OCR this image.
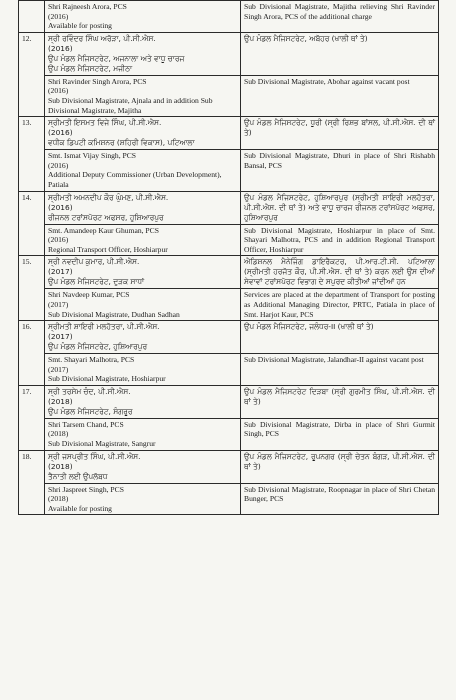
	Shri Rajneesh Arora, PCS
(2016)
Available for posting	Sub Divisional Magistrate, Majitha relieving Shri Ravinder Singh Arora, PCS of the additional charge

12.	ਸ੍ਰੀ ਰਵਿੰਦਰ ਸਿੰਘ ਅਰੋੜਾ, ਪੀ.ਸੀ.ਐਸ.
(2016)
ਉਪ ਮੰਡਲ ਮੈਜਿਸਟਰੇਟ, ਅਜਨਾਲਾ ਅਤੇ ਵਾਧੂ ਚਾਰਜ
ਉਪ ਮੰਡਲ ਮੈਜਿਸਟਰੇਟ, ਮਜੀਠਾ	ਉਪ ਮੰਡਲ ਮੈਜਿਸਟਰੇਟ, ਅਬੋਹਰ (ਖਾਲੀ ਥਾਂ ਤੇ)

	Shri Ravinder Singh Arora, PCS
(2016)
Sub Divisional Magistrate, Ajnala and in addition Sub Divisional Magistrate, Majitha	Sub Divisional Magistrate, Abohar against vacant post

13.	ਸ੍ਰੀਮਤੀ ਇਸਮਤ ਵਿਜੇ ਸਿੰਘ, ਪੀ.ਸੀ.ਐਸ.
(2016)
ਵਧੀਕ ਡਿਪਟੀ ਕਮਿਸ਼ਨਰ (ਸ਼ਹਿਰੀ ਵਿਕਾਸ), ਪਟਿਆਲਾ	ਉਪ ਮੰਡਲ ਮੈਜਿਸਟਰੇਟ, ਧੂਰੀ (ਸ੍ਰੀ ਰਿਸ਼ਭ ਬਾਂਸਲ, ਪੀ.ਸੀ.ਐਸ. ਦੀ ਥਾਂ ਤੇ)

	Smt. Ismat Vijay Singh, PCS
(2016)
Additional Deputy Commissioner (Urban Development), Patiala	Sub Divisional Magistrate, Dhuri in place of Shri Rishabh Bansal, PCS

14.	ਸ੍ਰੀਮਤੀ ਅਮਨਦੀਪ ਕੌਰ ਘੁੰਮਣ, ਪੀ.ਸੀ.ਐਸ.
(2016)
ਰੀਜਨਲ ਟਰਾਂਸਪੋਰਟ ਅਫਸਰ, ਹੁਸ਼ਿਆਰਪੁਰ	ਉਪ ਮੰਡਲ ਮੈਜਿਸਟਰੇਟ, ਹੁਸ਼ਿਆਰਪੁਰ (ਸ੍ਰੀਮਤੀ ਸ਼ਾਇਰੀ ਮਲਹੋਤਰਾ, ਪੀ.ਸੀ.ਐਸ. ਦੀ ਥਾਂ ਤੇ) ਅਤੇ ਵਾਧੂ ਚਾਰਜ ਰੀਜਨਲ ਟਰਾਂਸਪੋਰਟ ਅਫਸਰ, ਹੁਸ਼ਿਆਰਪੁਰ

	Smt. Amandeep Kaur Ghuman, PCS
(2016)
Regional Transport Officer, Hoshiarpur	Sub Divisional Magistrate, Hoshiarpur in place of Smt. Shayari Malhotra, PCS and in addition Regional Transport Officer, Hoshiarpur

15.	ਸ੍ਰੀ ਨਵਦੀਪ ਕੁਮਾਰ, ਪੀ.ਸੀ.ਐਸ.
(2017)
ਉਪ ਮੰਡਲ ਮੈਜਿਸਟਰੇਟ, ਦੁੜਕ ਸਾਧਾਂ	ਐਡਿਸ਼ਨਲ ਮੈਨੇਜਿੰਗ ਡਾਇਰੈਕਟਰ, ਪੀ.ਆਰ.ਟੀ.ਸੀ. ਪਟਿਆਲਾ (ਸ੍ਰੀਮਤੀ ਹਰਜੋਤ ਕੌਰ, ਪੀ.ਸੀ.ਐਸ. ਦੀ ਥਾਂ ਤੇ) ਕਰਨ ਲਈ ਉਸ ਦੀਆਂ ਸੇਵਾਵਾਂ ਟਰਾਂਸਪੋਰਟ ਵਿਭਾਗ ਦੇ ਸਪੁਰਦ ਕੀਤੀਆਂ ਜਾਂਦੀਆਂ ਹਨ

	Shri Navdeep Kumar, PCS
(2017)
Sub Divisional Magistrate, Dudhan Sadhan	Services are placed at the department of Transport for posting as Additional Managing Director, PRTC, Patiala in place of Smt. Harjot Kaur, PCS

16.	ਸ੍ਰੀਮਤੀ ਸ਼ਾਇਰੀ ਮਲਹੋਤਰਾ, ਪੀ.ਸੀ.ਐਸ.
(2017)
ਉਪ ਮੰਡਲ ਮੈਜਿਸਟਰੇਟ, ਹੁਸ਼ਿਆਰਪੁਰ	ਉਪ ਮੰਡਲ ਮੈਜਿਸਟਰੇਟ, ਜਲੰਧਰ-II (ਖਾਲੀ ਥਾਂ ਤੇ)

	Smt. Shayari Malhotra, PCS
(2017)
Sub Divisional Magistrate, Hoshiarpur	Sub Divisional Magistrate, Jalandhar-II against vacant post

17.	ਸ੍ਰੀ ਤਰਸੇਮ ਚੰਦ, ਪੀ.ਸੀ.ਐਸ.
(2018)
ਉਪ ਮੰਡਲ ਮੈਜਿਸਟਰੇਟ, ਸੰਗਰੂਰ	ਉਪ ਮੰਡਲ ਮੈਜਿਸਟਰੇਟ ਦਿੜਬਾ (ਸ੍ਰੀ ਗੁਰਮੀਤ ਸਿੰਘ, ਪੀ.ਸੀ.ਐਸ. ਦੀ ਥਾਂ ਤੇ)

	Shri Tarsem Chand, PCS
(2018)
Sub Divisional Magistrate, Sangrur	Sub Divisional Magistrate, Dirba in place of Shri Gurmit Singh, PCS

18.	ਸ੍ਰੀ ਜਸਪ੍ਰੀਤ ਸਿੰਘ, ਪੀ.ਸੀ.ਐਸ.
(2018)
ਤੈਨਾਤੀ ਲਈ ਉਪਲੱਬਧ	ਉਪ ਮੰਡਲ ਮੈਜਿਸਟਰੇਟ, ਰੂਪਨਗਰ (ਸ੍ਰੀ ਚੇਤਨ ਬੰਗੜ, ਪੀ.ਸੀ.ਐਸ. ਦੀ ਥਾਂ ਤੇ)

	Shri Jaspreet Singh, PCS
(2018)
Available for posting	Sub Divisional Magistrate, Roopnagar in place of Shri Chetan Bunger, PCS
